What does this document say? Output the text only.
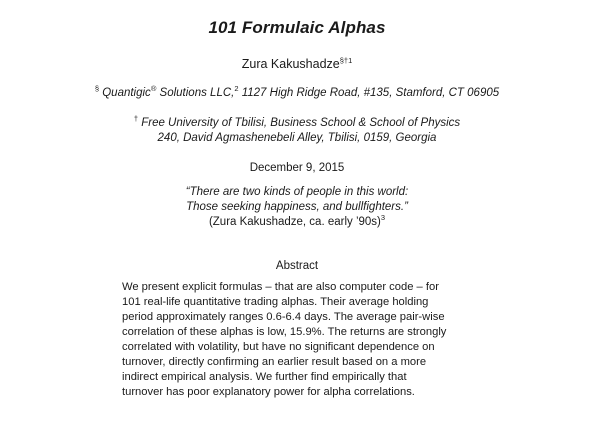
101 Formulaic Alphas
Zura Kakushadze$^{\S\dagger 1}$
§ Quantigic® Solutions LLC,$^2$ 1127 High Ridge Road, #135, Stamford, CT 06905
† Free University of Tbilisi, Business School & School of Physics
240, David Agmashenebeli Alley, Tbilisi, 0159, Georgia
December 9, 2015
“There are two kinds of people in this world:
Those seeking happiness, and bullfighters.”
(Zura Kakushadze, ca. early ’90s)$^3$
Abstract
We present explicit formulas – that are also computer code – for
101 real-life quantitative trading alphas. Their average holding
period approximately ranges 0.6-6.4 days. The average pair-wise
correlation of these alphas is low, 15.9%. The returns are strongly
correlated with volatility, but have no significant dependence on
turnover, directly confirming an earlier result based on a more
indirect empirical analysis. We further find empirically that
turnover has poor explanatory power for alpha correlations.
